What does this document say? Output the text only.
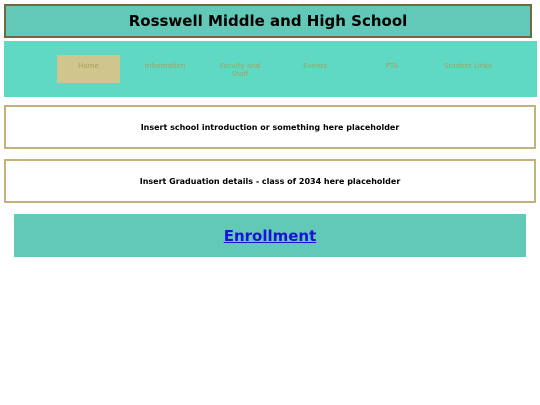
Rosswell Middle and High School
Home	Information	Faculty and Staff
Events	PTA	Student Links

Insert school introduction or something here placeholder

Insert Graduation details - class of 2034 here placeholder

Enrollment
